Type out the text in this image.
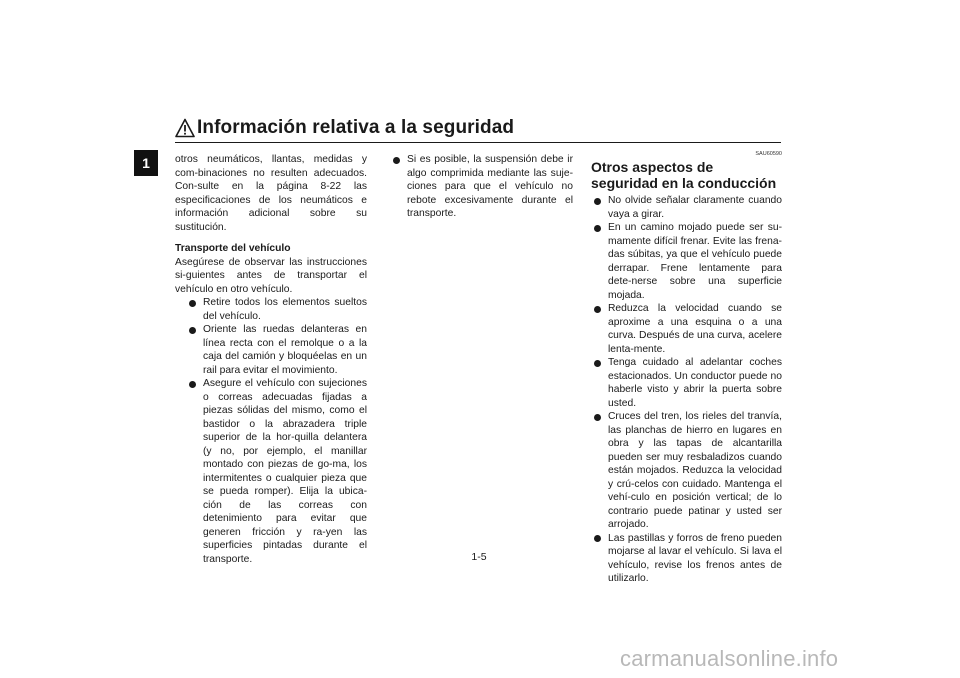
Información relativa a la seguridad
1 otros neumáticos, llantas, medidas y com-binaciones no resulten adecuados. Con-sulte en la página 8-22 las especificaciones de los neumáticos e información adicional sobre su sustitución.

Transporte del vehículo

Asegúrese de observar las instrucciones si-guientes antes de transportar el vehículo en otro vehículo.

Retire todos los elementos sueltos del vehículo.
Oriente las ruedas delanteras en línea recta con el remolque o a la caja del camión y bloquéelas en un rail para evitar el movimiento.
Asegure el vehículo con sujeciones o correas adecuadas fijadas a piezas sólidas del mismo, como el bastidor o la abrazadera triple superior de la hor-quilla delantera (y no, por ejemplo, el manillar montado con piezas de go-ma, los intermitentes o cualquier pieza que se pueda romper). Elija la ubica-ción de las correas con detenimiento para evitar que generen fricción y ra-yen las superficies pintadas durante el transporte.
Si es posible, la suspensión debe ir algo comprimida mediante las suje-ciones para que el vehículo no rebote excesivamente durante el transporte.
SAU60590
Otros aspectos de seguridad en la conducción
No olvide señalar claramente cuando vaya a girar.
En un camino mojado puede ser su-mamente difícil frenar. Evite las frena-das súbitas, ya que el vehículo puede derrapar. Frene lentamente para dete-nerse sobre una superficie mojada.
Reduzca la velocidad cuando se aproxime a una esquina o a una curva. Después de una curva, acelere lenta-mente.
Tenga cuidado al adelantar coches estacionados. Un conductor puede no haberle visto y abrir la puerta sobre usted.
Cruces del tren, los rieles del tranvía, las planchas de hierro en lugares en obra y las tapas de alcantarilla pueden ser muy resbaladizos cuando están mojados. Reduzca la velocidad y crú-celos con cuidado. Mantenga el vehí-culo en posición vertical; de lo contrario puede patinar y usted ser arrojado.
Las pastillas y forros de freno pueden mojarse al lavar el vehículo. Si lava el vehículo, revise los frenos antes de utilizarlo.
1-5
carmanualsonline.info
